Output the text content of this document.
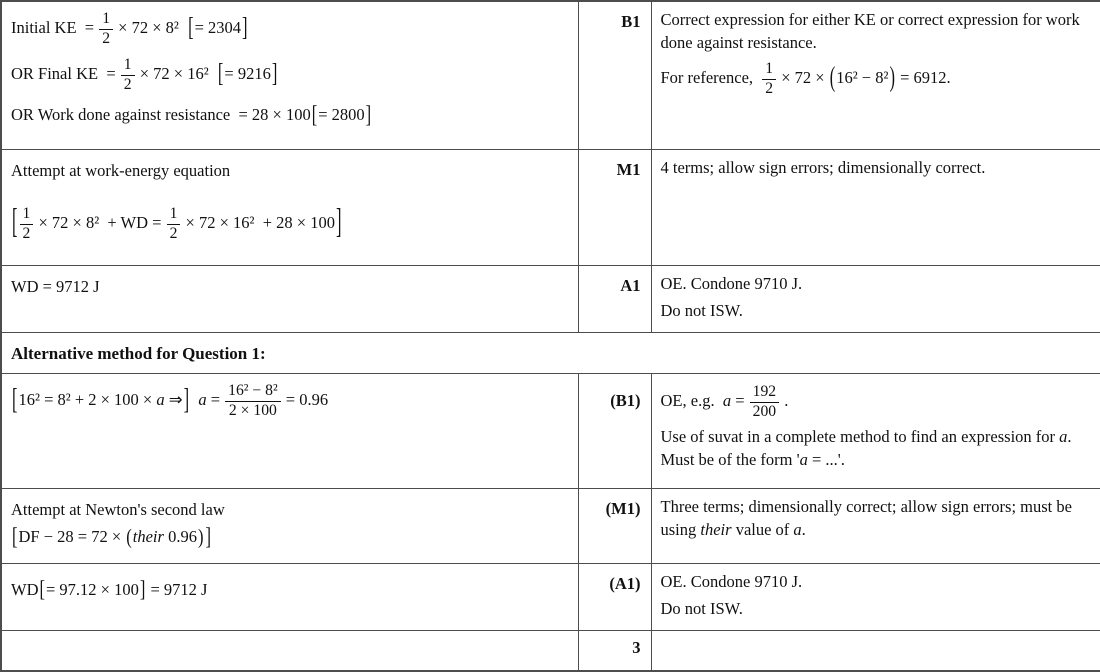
Initial KE  = $\frac{1}{2} \times 72 \times 8^2$  [= 2304]
OR Final KE  = $\frac{1}{2} \times 72 \times 16^2$  [= 9216]
OR Work done against resistance  = 28 × 100[= 2800]
	B1	Correct expression for either KE or correct expression for work done against resistance.
For reference, $\frac{1}{2} \times 72 \times (16^2 - 8^2) = 6912$.

Attempt at work-energy equation
[ $\frac{1}{2} \times 72 \times 8^2$  + WD = $\frac{1}{2} \times 72 \times 16^2 + 28 \times 100$]
	M1	4 terms; allow sign errors; dimensionally correct.

WD = 9712 J	A1	OE. Condone 9710 J.
Do not ISW.

Alternative method for Question 1:		

[16² = 8² + 2 × 100 × a ⇒] $a = \frac{\text{16² − 8²}}{2 \times 100} = 0.96$	(B1)	OE, e.g.  $a = \frac{192}{200}$ .
Use of suvat in a complete method to find an expression for a. Must be of the form 'a = ...'.

Attempt at Newton's second law
[DF − 28 = 72 × (their 0.96) ]	(M1)	Three terms; dimensionally correct; allow sign errors; must be using their value of a.

WD[= 97.12 × 100] = 9712 J	(A1)	OE. Condone 9710 J.
Do not ISW.

	3	
